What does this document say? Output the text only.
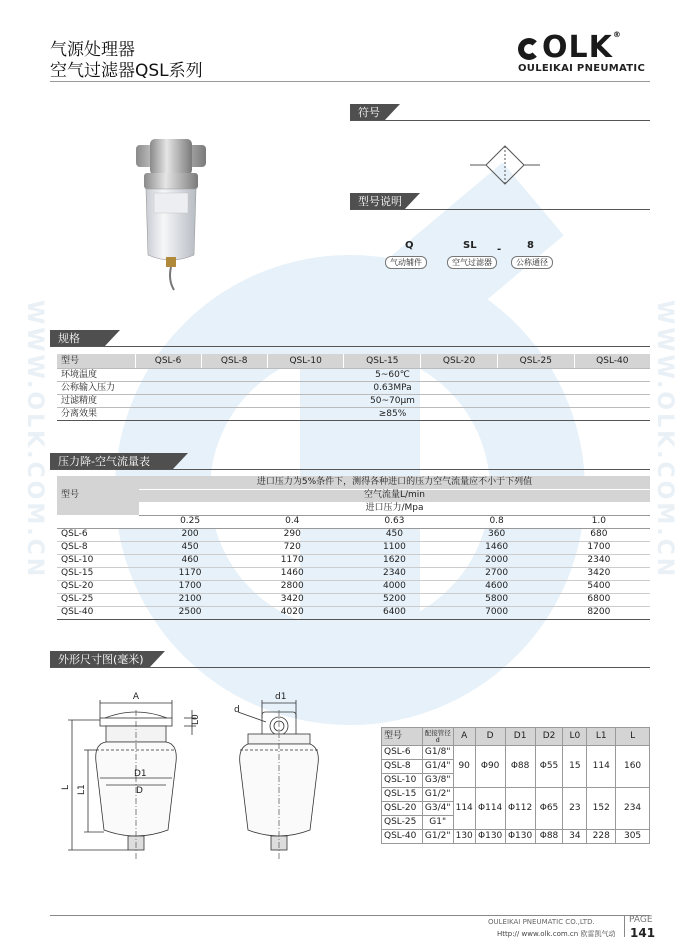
WWW.OLK.COM.CN	WWW.OLK.COM.CN
气源处理器
空气过滤器QSL系列
OLK®
OULEIKAI PNEUMATIC
符号
型号说明
Q	SL -	8
气动辅件	空气过滤器	公称通径
规格
型号	QSL-6	QSL-8	QSL-10	QSL-15	QSL-20	QSL-25	QSL-40
环境温度	5~60℃						
公称输入压力	0.63MPa						
过滤精度	50~70μm						
分离效果	≥85%						
压力降-空气流量表
型号	进口压力为5%条件下，测得各种进口的压力空气流量应不小于下列值				
	空气流量L/min				
	进口压力/Mpa				
	0.25	0.4	0.63	0.8	1.0
QSL-6	200	290	450	360	680
QSL-8	450	720	1100	1460	1700
QSL-10	460	1170	1620	2000	2340
QSL-15	1170	1460	2340	2700	3420
QSL-20	1700	2800	4000	4600	5400
QSL-25	2100	3420	5200	5800	6800
QSL-40	2500	4020	6400	7000	8200
外形尺寸图(毫米)
A
L0
D1
D
L L1
d1
d
型号	配接管径d	A	D	D1	D2	L0	L1	L
QSL-6	G1/8"	90	Φ90	Φ88	Φ55	15	114	160
QSL-8	G1/4"							
QSL-10	G3/8"							
QSL-15	G1/2"	114	Φ114	Φ112	Φ65	23	152	234
QSL-20	G3/4"							
QSL-25	G1"							
QSL-40	G1/2"	130	Φ130	Φ130	Φ88	34	228	305
OULEIKAI PNEUMATIC CO.,LTD.	PAGE
141
Http:// www.olk.com.cn 欧雷凯气动
